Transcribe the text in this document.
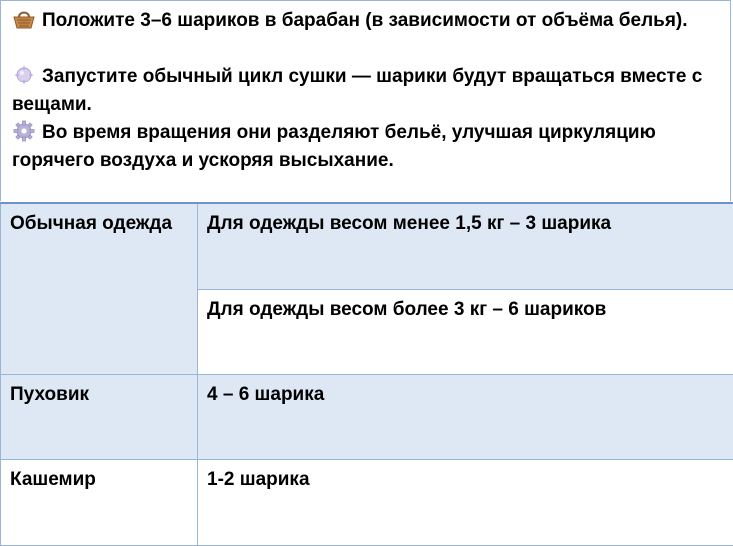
Положите 3–6 шариков в барабан (в зависимости от объёма белья).

Запустите обычный цикл сушки — шарики будут вращаться вместе с вещами.

Во время вращения они разделяют бельё, улучшая циркуляцию горячего воздуха и ускоряя высыхание.

Обычная одежда	Для одежды весом менее 1,5 кг – 3 шарика
	Для одежды весом более 3 кг – 6 шариков
Пуховик	4 – 6 шарика
Кашемир	1-2 шарика
